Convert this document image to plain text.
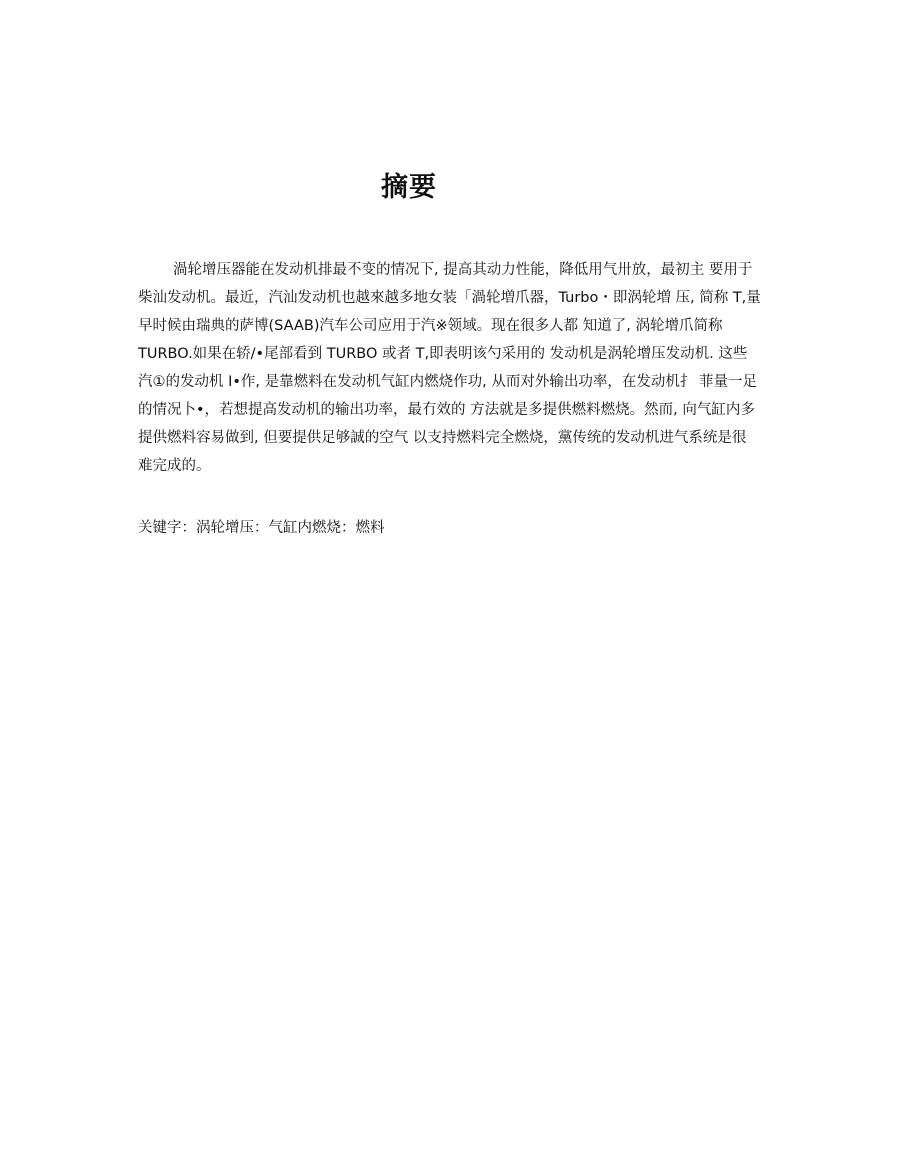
摘要
渦轮增压器能在发动机排最不变的情况下, 提高其动力性能，降低用气卅放，最初主 要用于
柴汕发动机。最近，汽汕发动机也越來越多地女装「渦轮増爪器，Turbo・即涡轮増 压, 简称 T,量
早时候由瑞典的萨博(SAAB)汽车公司应用于汽※领域。现在很多人都 知道了, 涡轮增爪简称
TURBO.如果在轿/•尾部看到 TURBO 或者 T,即表明该勺采用的 发动机是涡轮增压发动机. 这些
汽①的发动机 I•作, 是靠燃料在发动机气缸内燃烧作功, 从而对外输出功率，在发动机扌 菲量一足
的情况卜•，若想提高发动机的输出功率，最冇效的 方法就是多提供燃料燃烧。然而, 向气缸内多
提供燃料容易做到, 但要提供足够誠的空气 以支持燃料完全燃烧，黨传统的发动机进气系统是很
难完成的。
关键字：涡轮增压：气缸内燃烧：燃料
